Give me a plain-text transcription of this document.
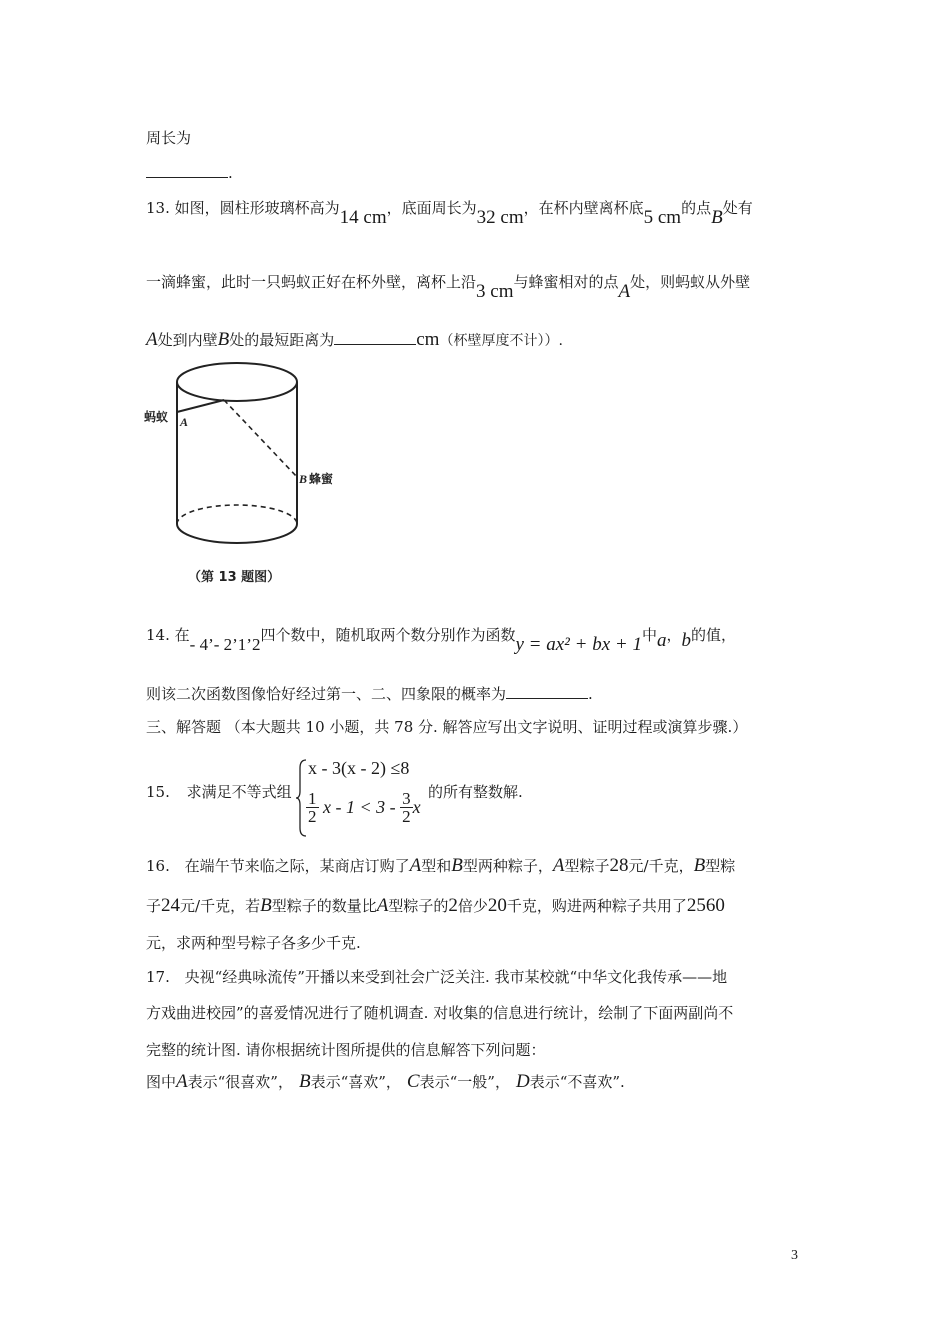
周长为
.
13. 如图，圆柱形玻璃杯高为14 cm，底面周长为32 cm，在杯内壁离杯底5 cm的点B处有
一滴蜂蜜，此时一只蚂蚁正好在杯外壁，离杯上沿3 cm与蜂蜜相对的点A处，则蚂蚁从外壁
A处到内壁B处的最短距离为	cm（杯壁厚度不计））.
蚂蚁 A
B 蜂蜜
（第 13 题图）
14. 在- 4’- 2’1’2四个数中，随机取两个数分别作为函数y = ax² + bx + 1中a，b的值，
则该二次函数图像恰好经过第一、二、四象限的概率为	.
三、解答题 （本大题共 10 小题，共 78 分. 解答应写出文字说明、证明过程或演算步骤.）
15. 求满足不等式组
x - 3(x - 2) ≤8
$\frac{1}{2}$ $x - 1 < 3 - \frac{3}{2}$ x
的所有整数解.
16. 在端午节来临之际，某商店订购了A型和B型两种粽子，A型粽子28元/千克，B型粽
子24元/千克，若B型粽子的数量比A型粽子的2倍少20千克，购进两种粽子共用了2560
元，求两种型号粽子各多少千克.
17. 央视“经典咏流传”开播以来受到社会广泛关注. 我市某校就“中华文化我传承——地
方戏曲进校园”的喜爱情况进行了随机调查. 对收集的信息进行统计，绘制了下面两副尚不
完整的统计图. 请你根据统计图所提供的信息解答下列问题：
图中A表示“很喜欢”， B表示“喜欢”， C表示“一般”， D表示“不喜欢”.
3
